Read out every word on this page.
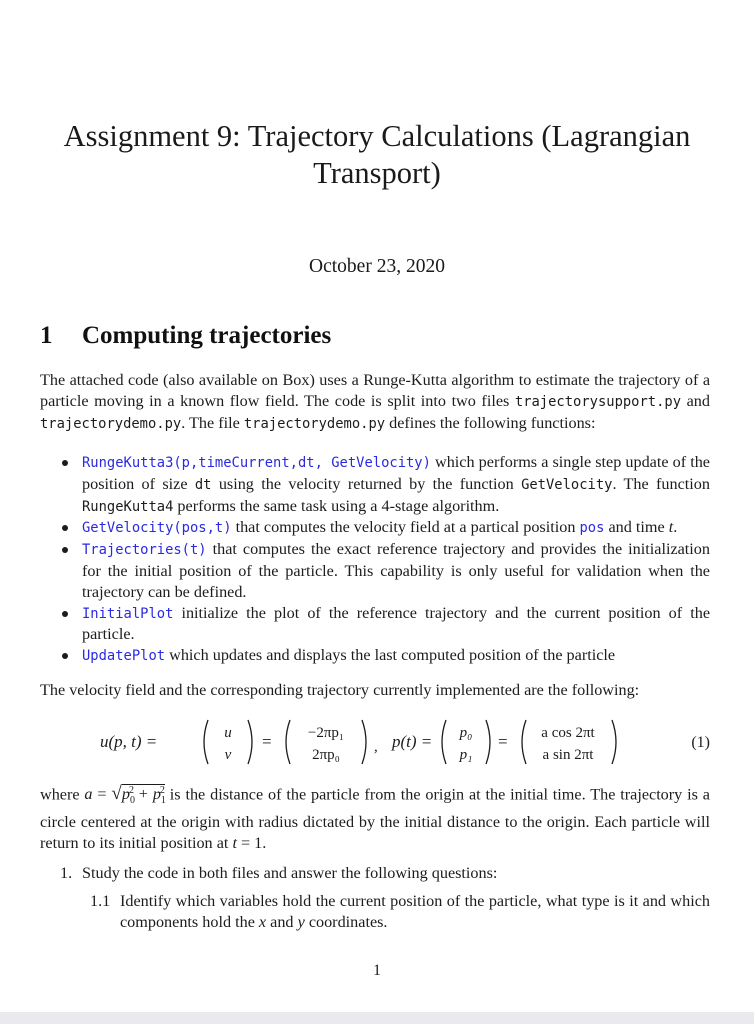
Assignment 9: Trajectory Calculations (Lagrangian Transport)
October 23, 2020
1 Computing trajectories
The attached code (also available on Box) uses a Runge-Kutta algorithm to estimate the trajectory of a particle moving in a known flow field. The code is split into two files trajectorysupport.py and trajectorydemo.py. The file trajectorydemo.py defines the following functions:
RungeKutta3(p,timeCurrent,dt, GetVelocity) which performs a single step update of the position of size dt using the velocity returned by the function GetVelocity. The function RungeKutta4 performs the same task using a 4-stage algorithm.
GetVelocity(pos,t) that computes the velocity field at a partical position pos and time t.
Trajectories(t) that computes the exact reference trajectory and provides the initialization for the initial position of the particle. This capability is only useful for validation when the trajectory can be defined.
InitialPlot initialize the plot of the reference trajectory and the current position of the particle.
UpdatePlot which updates and displays the last computed position of the particle
The velocity field and the corresponding trajectory currently implemented are the following:
u(p, t) =	u
v
= −2πp₁
2πp₀ , p(t) = p₀
p₁
= a cos 2πt
a sin 2πt
(1)
where $a = √p_0^2 + p_1^2$ is the distance of the particle from the origin at the initial time. The trajectory is a circle centered at the origin with radius dictated by the initial distance to the origin. Each particle will return to its initial position at t = 1.
1. Study the code in both files and answer the following questions:
1.1 Identify which variables hold the current position of the particle, what type is it and which components hold the x and y coordinates.
1
